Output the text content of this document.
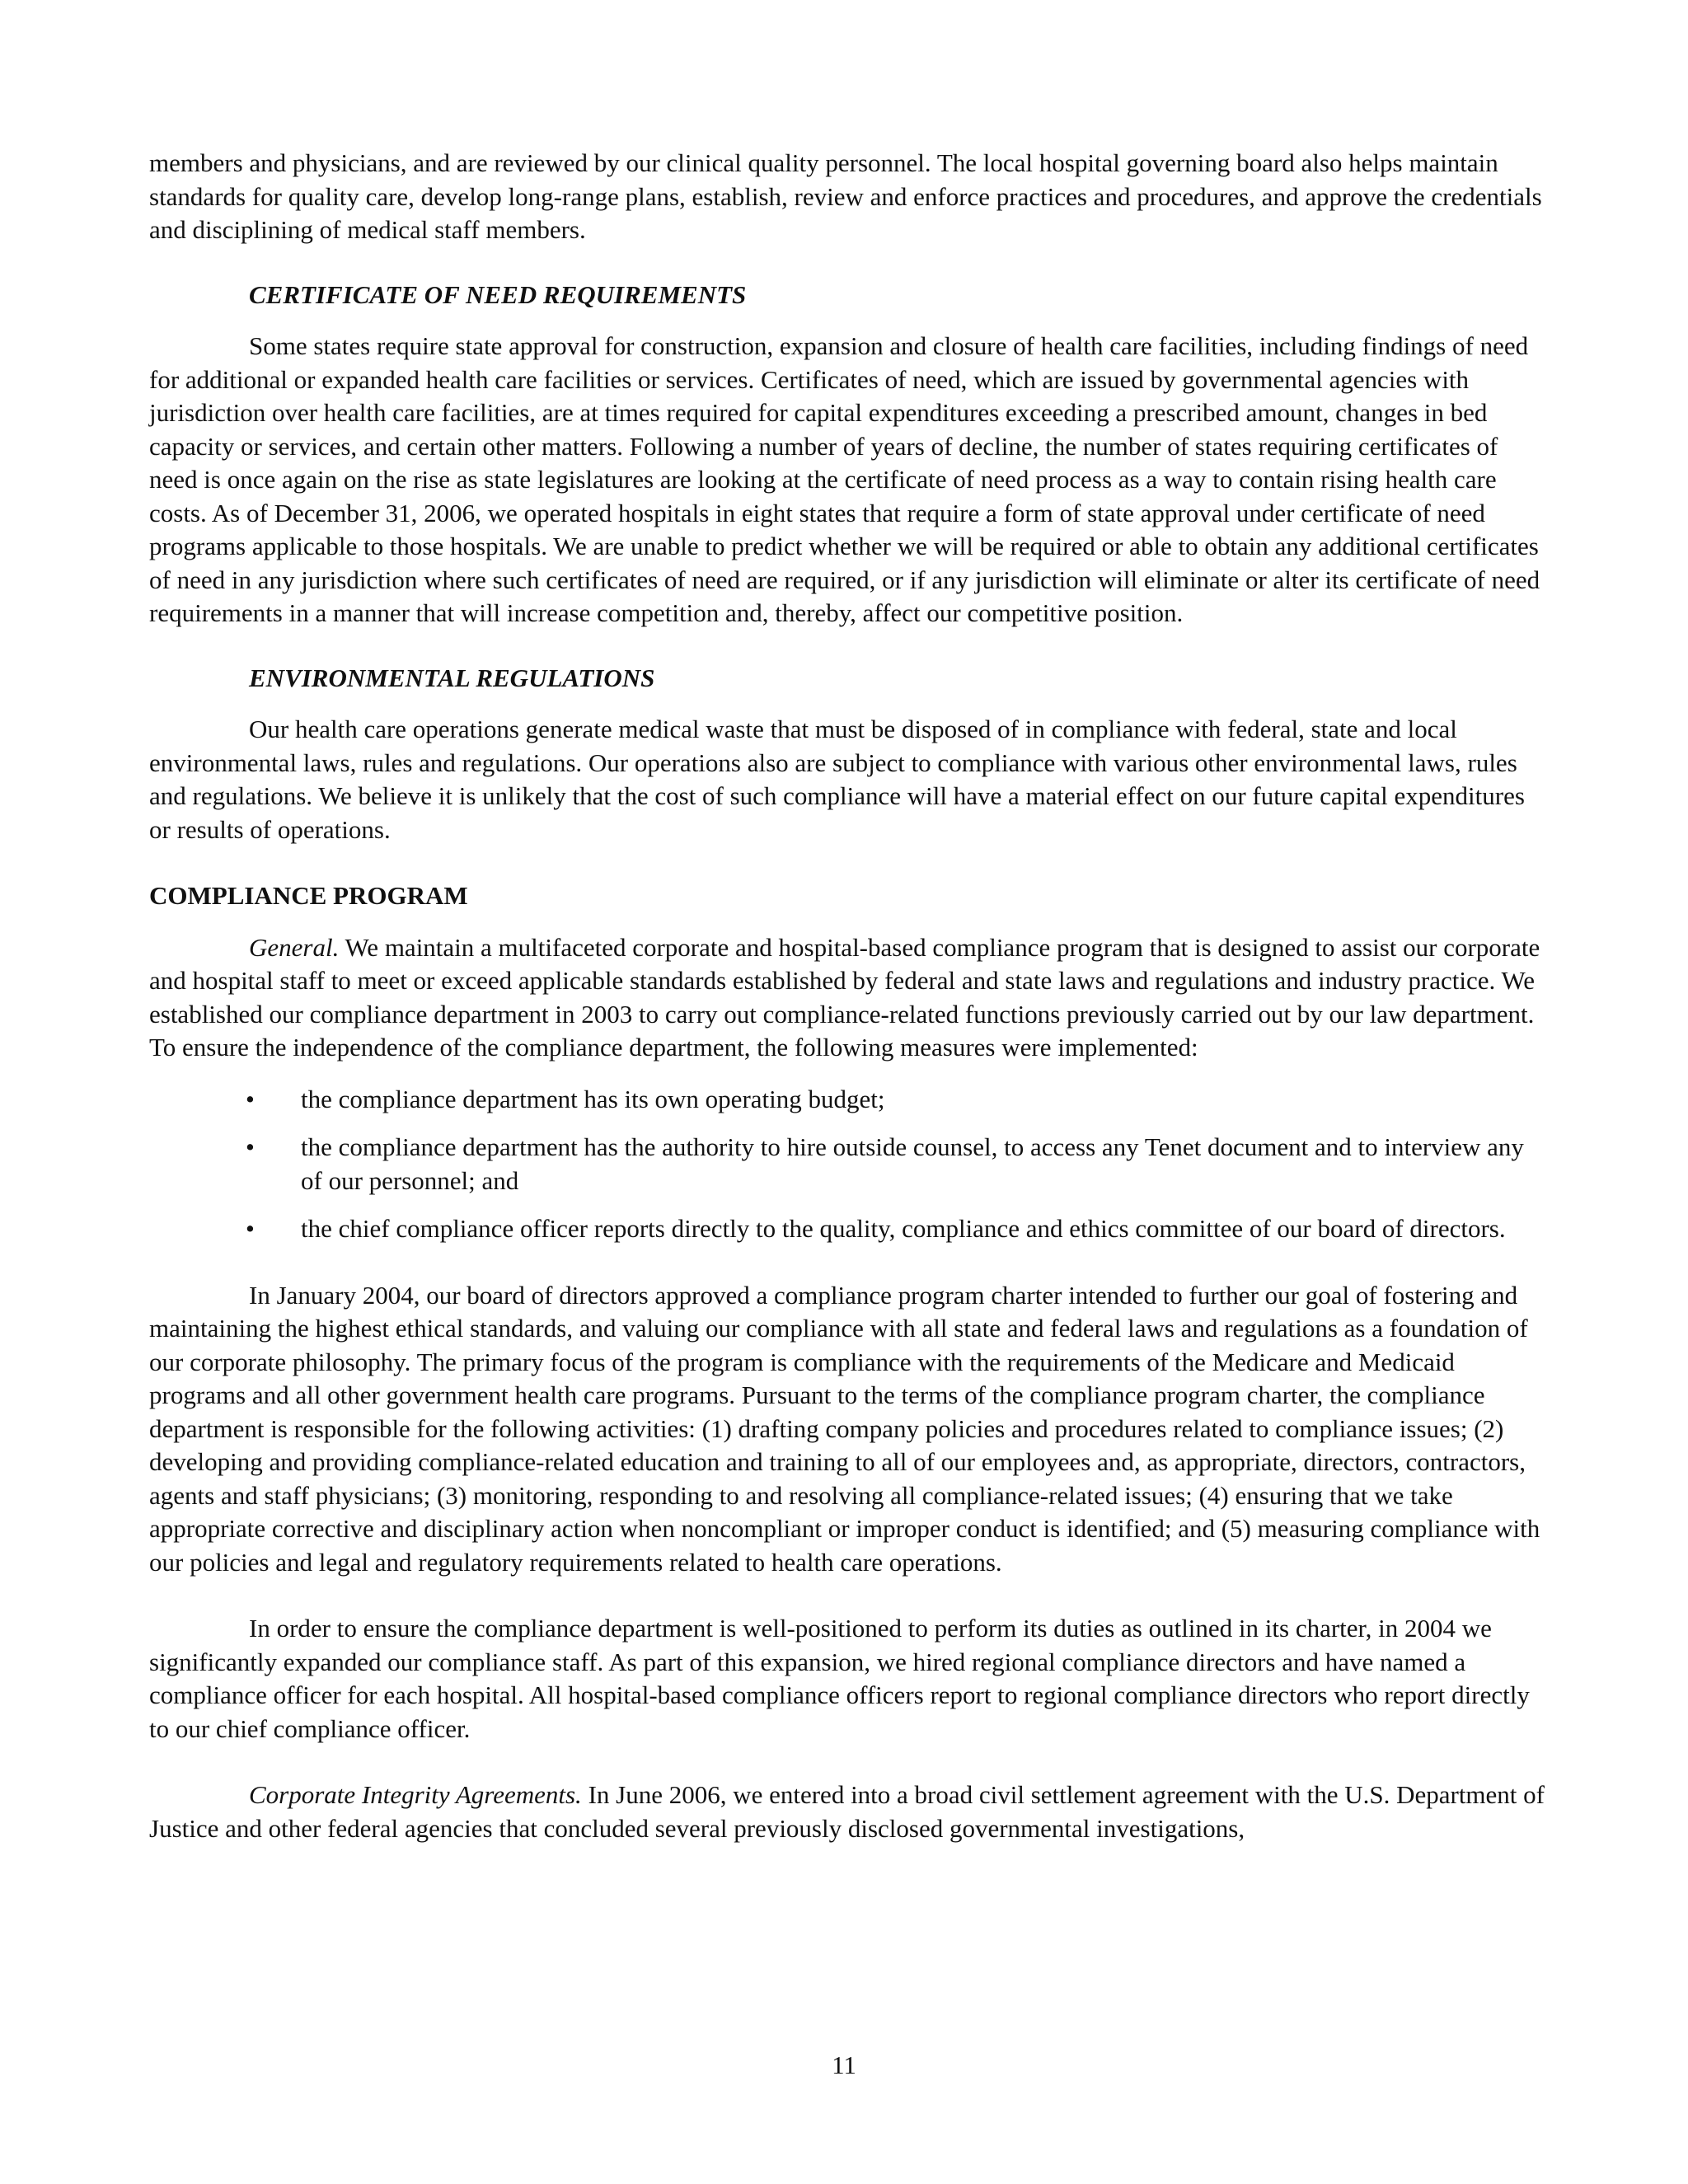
members and physicians, and are reviewed by our clinical quality personnel. The local hospital governing board also helps maintain standards for quality care, develop long-range plans, establish, review and enforce practices and procedures, and approve the credentials and disciplining of medical staff members.

CERTIFICATE OF NEED REQUIREMENTS

Some states require state approval for construction, expansion and closure of health care facilities, including findings of need for additional or expanded health care facilities or services. Certificates of need, which are issued by governmental agencies with jurisdiction over health care facilities, are at times required for capital expenditures exceeding a prescribed amount, changes in bed capacity or services, and certain other matters. Following a number of years of decline, the number of states requiring certificates of need is once again on the rise as state legislatures are looking at the certificate of need process as a way to contain rising health care costs. As of December 31, 2006, we operated hospitals in eight states that require a form of state approval under certificate of need programs applicable to those hospitals. We are unable to predict whether we will be required or able to obtain any additional certificates of need in any jurisdiction where such certificates of need are required, or if any jurisdiction will eliminate or alter its certificate of need requirements in a manner that will increase competition and, thereby, affect our competitive position.

ENVIRONMENTAL REGULATIONS

Our health care operations generate medical waste that must be disposed of in compliance with federal, state and local environmental laws, rules and regulations. Our operations also are subject to compliance with various other environmental laws, rules and regulations. We believe it is unlikely that the cost of such compliance will have a material effect on our future capital expenditures or results of operations.

COMPLIANCE PROGRAM

General. We maintain a multifaceted corporate and hospital-based compliance program that is designed to assist our corporate and hospital staff to meet or exceed applicable standards established by federal and state laws and regulations and industry practice. We established our compliance department in 2003 to carry out compliance-related functions previously carried out by our law department. To ensure the independence of the compliance department, the following measures were implemented:

• the compliance department has its own operating budget;
• the compliance department has the authority to hire outside counsel, to access any Tenet document and to interview any of our personnel; and
• the chief compliance officer reports directly to the quality, compliance and ethics committee of our board of directors.

In January 2004, our board of directors approved a compliance program charter intended to further our goal of fostering and maintaining the highest ethical standards, and valuing our compliance with all state and federal laws and regulations as a foundation of our corporate philosophy. The primary focus of the program is compliance with the requirements of the Medicare and Medicaid programs and all other government health care programs. Pursuant to the terms of the compliance program charter, the compliance department is responsible for the following activities: (1) drafting company policies and procedures related to compliance issues; (2) developing and providing compliance-related education and training to all of our employees and, as appropriate, directors, contractors, agents and staff physicians; (3) monitoring, responding to and resolving all compliance-related issues; (4) ensuring that we take appropriate corrective and disciplinary action when noncompliant or improper conduct is identified; and (5) measuring compliance with our policies and legal and regulatory requirements related to health care operations.

In order to ensure the compliance department is well-positioned to perform its duties as outlined in its charter, in 2004 we significantly expanded our compliance staff. As part of this expansion, we hired regional compliance directors and have named a compliance officer for each hospital. All hospital-based compliance officers report to regional compliance directors who report directly to our chief compliance officer.

Corporate Integrity Agreements. In June 2006, we entered into a broad civil settlement agreement with the U.S. Department of Justice and other federal agencies that concluded several previously disclosed governmental investigations,

11
